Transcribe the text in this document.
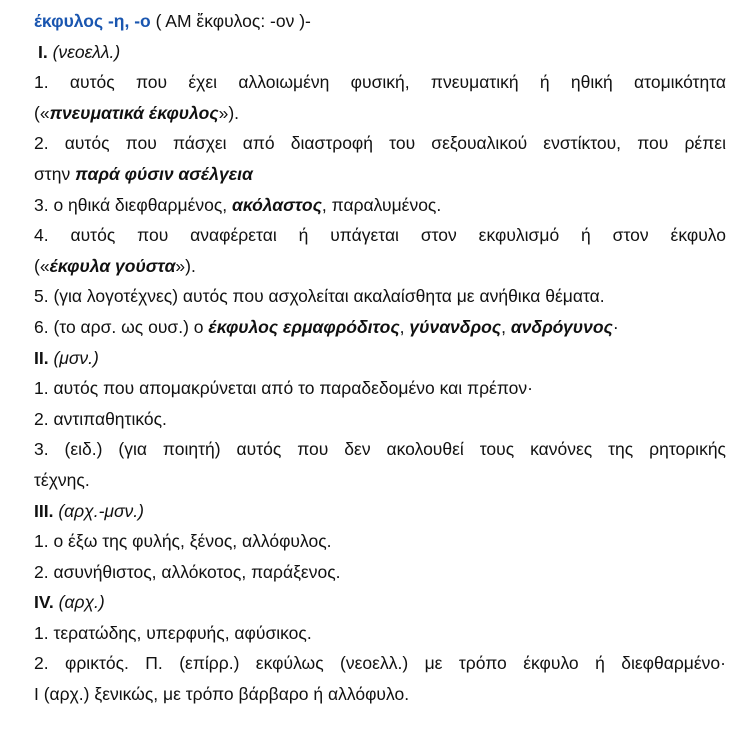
έκφυλος -η, -ο ( ΑΜ ἔκφυλος: -ον )-
I. (νεοελλ.)
1. αυτός που έχει αλλοιωμένη φυσική, πνευματική ή ηθική ατομικότητα
(«πνευματικά έκφυλος»).
2. αυτός που πάσχει από διαστροφή του σεξουαλικού ενστίκτου, που ρέπει
στην παρά φύσιν ασέλγεια
3. ο ηθικά διεφθαρμένος, ακόλαστος, παραλυμένος.
4. αυτός που αναφέρεται ή υπάγεται στον εκφυλισμό ή στον έκφυλο
(«έκφυλα γούστα»).
5. (για λογοτέχνες) αυτός που ασχολείται ακαλαίσθητα με ανήθικα θέματα.
6. (το αρσ. ως ουσ.) ο έκφυλος ερμαφρόδιτος, γύνανδρος, ανδρόγυνος·
II. (μσν.)
1. αυτός που απομακρύνεται από το παραδεδομένο και πρέπον·
2. αντιπαθητικός.
3. (ειδ.) (για ποιητή) αυτός που δεν ακολουθεί τους κανόνες της ρητορικής
τέχνης.
III. (αρχ.-μσν.)
1. ο έξω της φυλής, ξένος, αλλόφυλος.
2. ασυνήθιστος, αλλόκοτος, παράξενος.
IV. (αρχ.)
1. τερατώδης, υπερφυής, αφύσικος.
2. φρικτός. Π. (επίρρ.) εκφύλως (νεοελλ.) με τρόπο έκφυλο ή διεφθαρμένο·
Ι (αρχ.) ξενικώς, με τρόπο βάρβαρο ή αλλόφυλο.
